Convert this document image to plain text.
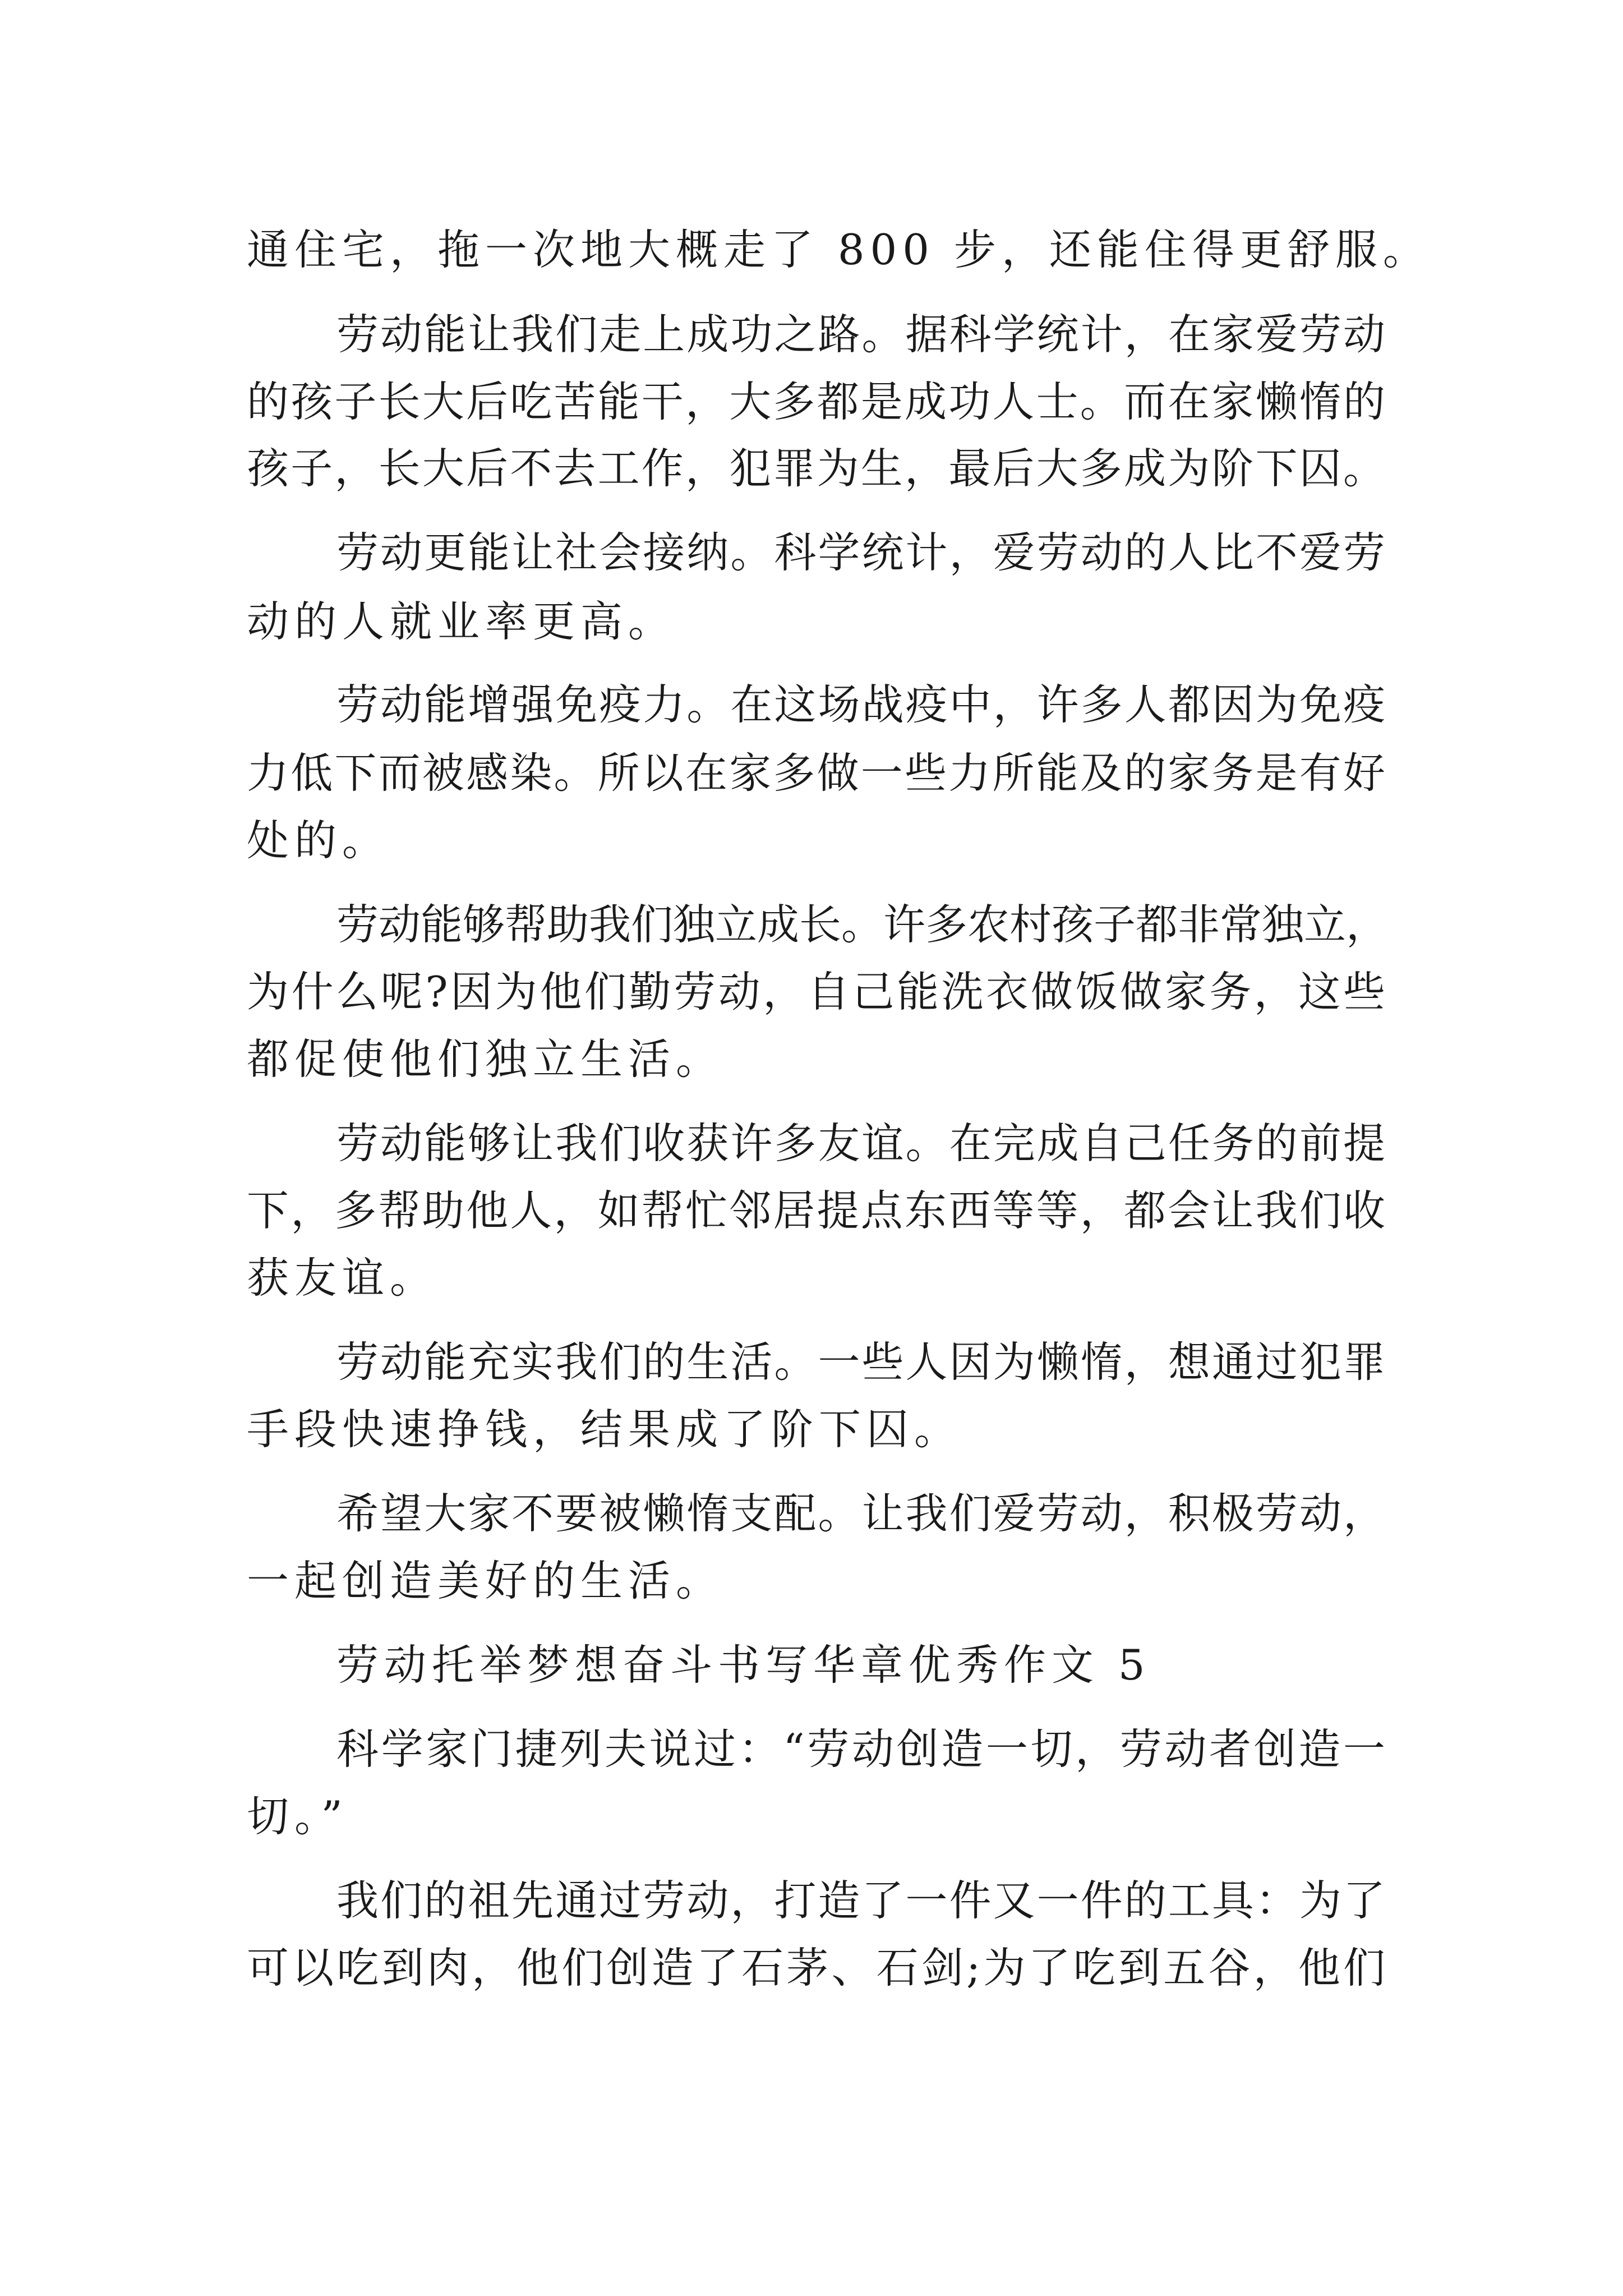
通住宅，拖一次地大概走了 800 步，还能住得更舒服。
劳动能让我们走上成功之路。据科学统计，在家爱劳动
的孩子长大后吃苦能干，大多都是成功人士。而在家懒惰的
孩子，长大后不去工作，犯罪为生，最后大多成为阶下囚。
劳动更能让社会接纳。科学统计，爱劳动的人比不爱劳
动的人就业率更高。
劳动能增强免疫力。在这场战疫中，许多人都因为免疫
力低下而被感染。所以在家多做一些力所能及的家务是有好
处的。
劳动能够帮助我们独立成长。许多农村孩子都非常独立，
为什么呢?因为他们勤劳动，自己能洗衣做饭做家务，这些
都促使他们独立生活。
劳动能够让我们收获许多友谊。在完成自己任务的前提
下，多帮助他人，如帮忙邻居提点东西等等，都会让我们收
获友谊。
劳动能充实我们的生活。一些人因为懒惰，想通过犯罪
手段快速挣钱，结果成了阶下囚。
希望大家不要被懒惰支配。让我们爱劳动，积极劳动，
一起创造美好的生活。
劳动托举梦想奋斗书写华章优秀作文 5
科学家门捷列夫说过：“劳动创造一切，劳动者创造一
切。”
我们的祖先通过劳动，打造了一件又一件的工具：为了
可以吃到肉，他们创造了石茅、石剑;为了吃到五谷，他们
